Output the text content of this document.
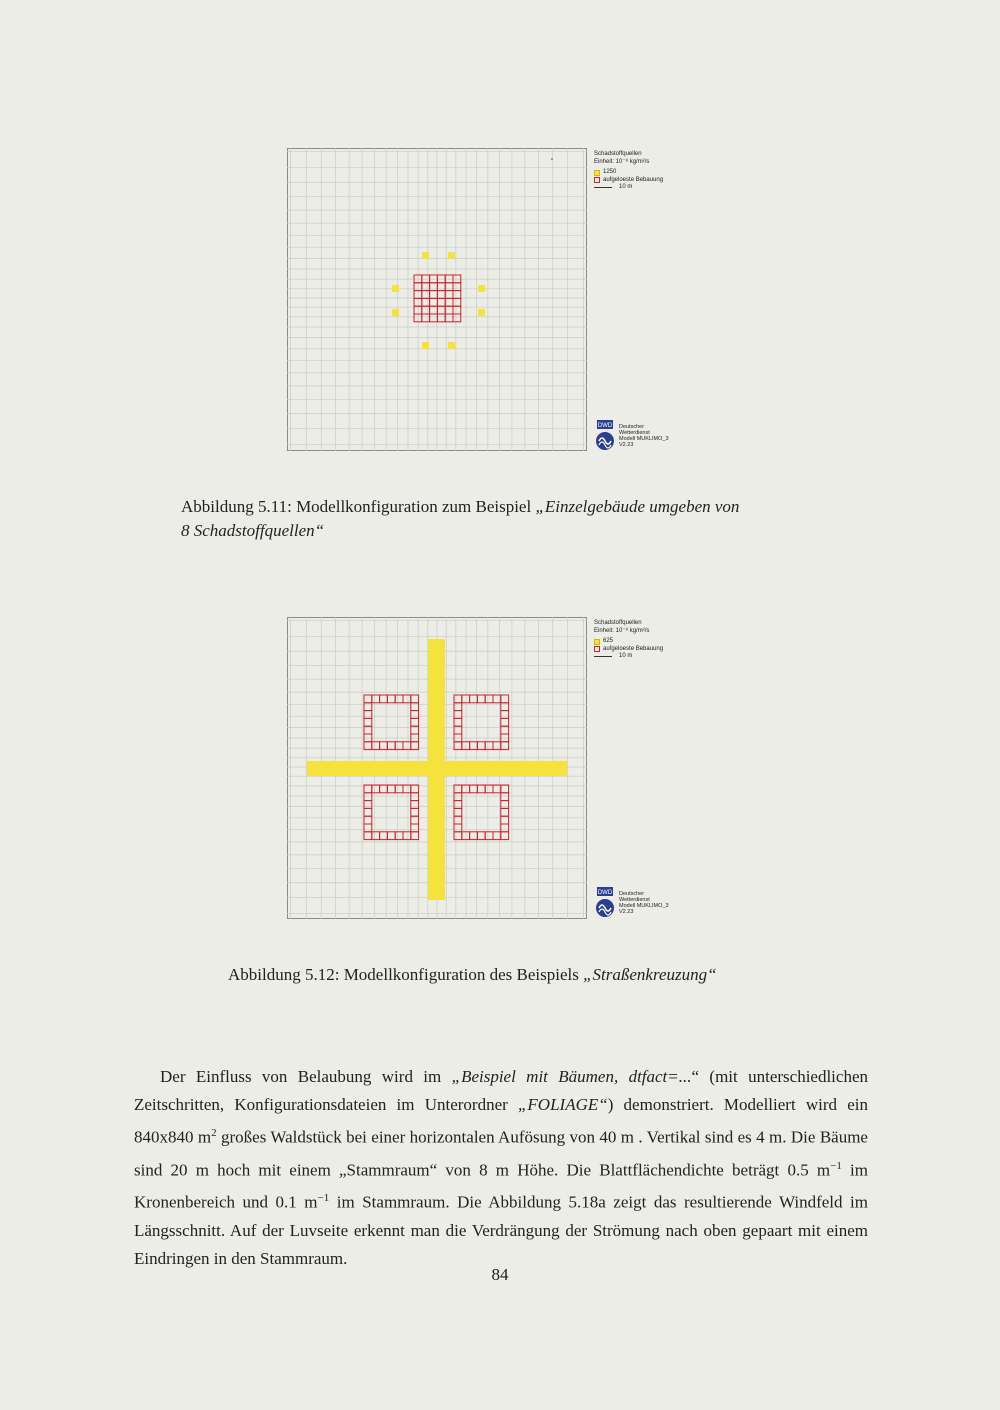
Schadstoffquellen
Einheit: 10⁻⁸ kg/m²/s
1250
aufgeloeste Bebauung
10 m
DWD Deutscher
Wetterdienst
Modell MUKLIMO_3
V2.23
Abbildung 5.11: Modellkonfiguration zum Beispiel „Einzelgebäude umgeben von
8 Schadstoffquellen“
Schadstoffquellen
Einheit: 10⁻⁸ kg/m²/s
625
aufgeloeste Bebauung
10 m
DWD Deutscher
Wetterdienst
Modell MUKLIMO_3
V2.23
Abbildung 5.12: Modellkonfiguration des Beispiels „Straßenkreuzung“
Der Einfluss von Belaubung wird im „Beispiel mit Bäumen, dtfact=...“ (mit unterschiedlichen Zeitschritten, Konfigurationsdateien im Unterordner „FOLIAGE“) demonstriert. Modelliert wird ein 840x840 $m^2$ großes Waldstück bei einer horizontalen Aufösung von 40 m . Vertikal sind es 4 m. Die Bäume sind 20 m hoch mit einem „Stammraum“ von 8 m Höhe. Die Blattflächendichte beträgt 0.5 $m^{-1}$ im Kronenbereich und 0.1 $m^{-1}$ im Stammraum. Die Abbildung 5.18a zeigt das resultierende Windfeld im Längsschnitt. Auf der Luvseite erkennt man die Verdrängung der Strömung nach oben gepaart mit einem Eindringen in den Stammraum.
84
